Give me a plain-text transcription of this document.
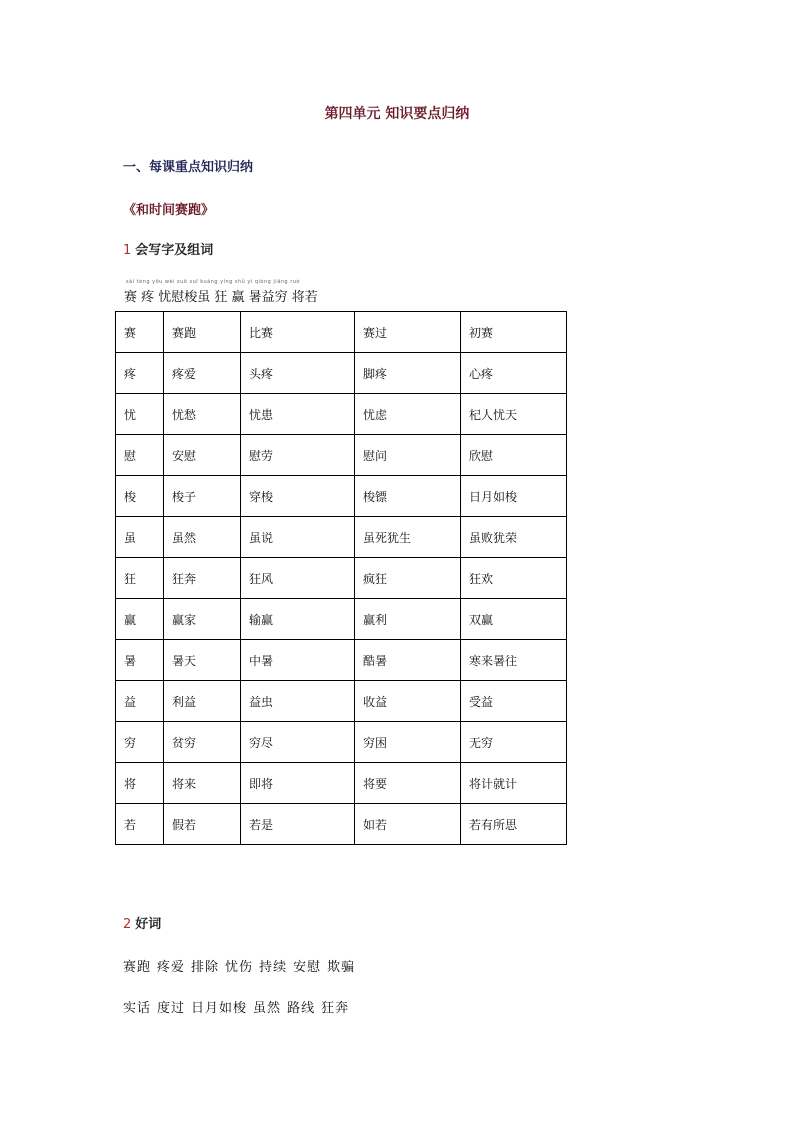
第四单元 知识要点归纳
一、每课重点知识归纳
《和时间赛跑》
1 会写字及组词
sài téng yōu wèi suō suī kuáng yíng shǔ yì qióng jiāng ruò
赛 疼 忧慰梭虽 狂 赢 暑益穷 将若
赛	赛跑	比赛	赛过	初赛
疼	疼爱	头疼	脚疼	心疼
忧	忧愁	忧患	忧虑	杞人忧天
慰	安慰	慰劳	慰问	欣慰
梭	梭子	穿梭	梭镖	日月如梭
虽	虽然	虽说	虽死犹生	虽败犹荣
狂	狂奔	狂风	疯狂	狂欢
赢	赢家	输赢	赢利	双赢
暑	暑天	中暑	酷暑	寒来暑往
益	利益	益虫	收益	受益
穷	贫穷	穷尽	穷困	无穷
将	将来	即将	将要	将计就计
若	假若	若是	如若	若有所思
2 好词
赛跑 疼爱 排除 忧伤 持续 安慰 欺骗
实话 度过 日月如梭 虽然 路线 狂奔
